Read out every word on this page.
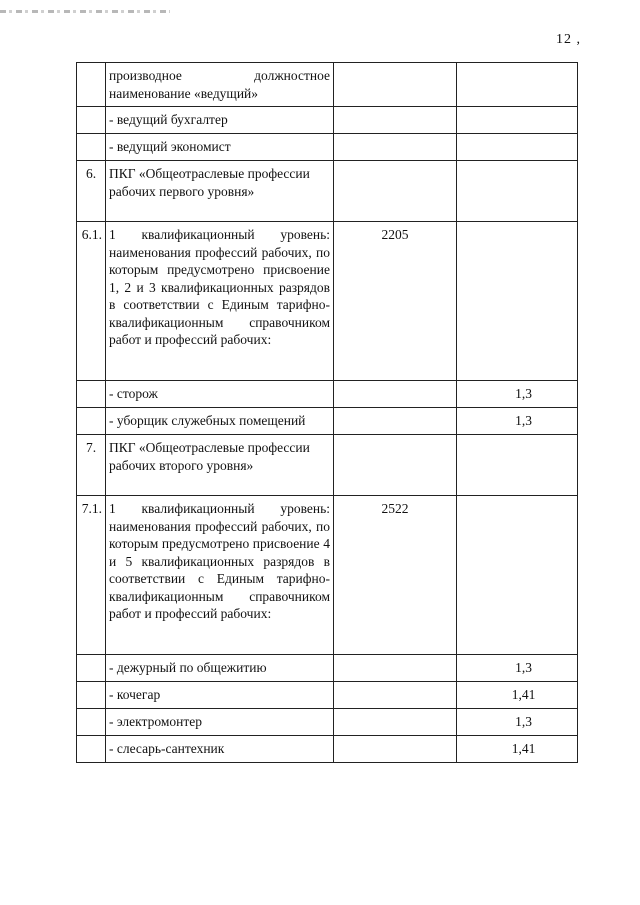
12 ,
	производное должностное наименование «ведущий»		
	- ведущий бухгалтер		
	- ведущий экономист		
6.	ПКГ «Общеотраслевые профессии рабочих первого уровня»		
6.1.	1 квалификационный уровень: наименования профессий рабочих, по которым предусмотрено присвоение 1, 2 и 3 квалификационных разрядов в соответствии с Единым тарифно-квалификационным справочником работ и профессий рабочих:	2205	
	- сторож		1,3
	- уборщик служебных помещений		1,3
7.	ПКГ «Общеотраслевые профессии рабочих второго уровня»		
7.1.	1 квалификационный уровень: наименования профессий рабочих, по которым предусмотрено присвоение 4 и 5 квалификационных разрядов в соответствии с Единым тарифно-квалификационным справочником работ и профессий рабочих:	2522	
	- дежурный по общежитию		1,3
	- кочегар		1,41
	- электромонтер		1,3
	- слесарь-сантехник		1,41
